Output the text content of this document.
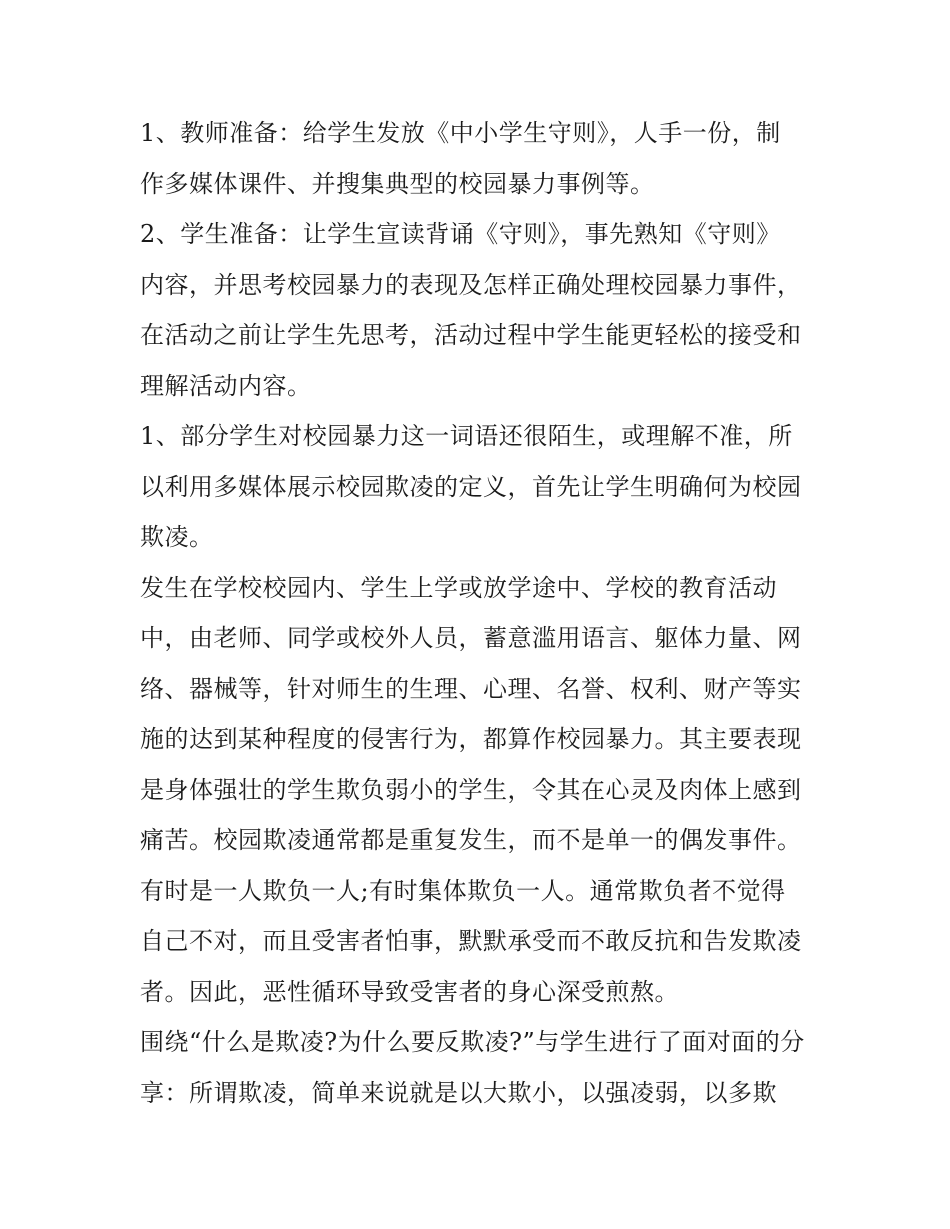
1、教师准备：给学生发放《中小学生守则》，人手一份，制
作多媒体课件、并搜集典型的校园暴力事例等。

2、学生准备：让学生宣读背诵《守则》，事先熟知《守则》
内容，并思考校园暴力的表现及怎样正确处理校园暴力事件，
在活动之前让学生先思考，活动过程中学生能更轻松的接受和
理解活动内容。

1、部分学生对校园暴力这一词语还很陌生，或理解不准，所
以利用多媒体展示校园欺凌的定义，首先让学生明确何为校园
欺凌。

发生在学校校园内、学生上学或放学途中、学校的教育活动
中，由老师、同学或校外人员，蓄意滥用语言、躯体力量、网
络、器械等，针对师生的生理、心理、名誉、权利、财产等实
施的达到某种程度的侵害行为，都算作校园暴力。其主要表现
是身体强壮的学生欺负弱小的学生，令其在心灵及肉体上感到
痛苦。校园欺凌通常都是重复发生，而不是单一的偶发事件。
有时是一人欺负一人;有时集体欺负一人。通常欺负者不觉得
自己不对，而且受害者怕事，默默承受而不敢反抗和告发欺凌
者。因此，恶性循环导致受害者的身心深受煎熬。

围绕“什么是欺凌?为什么要反欺凌?”与学生进行了面对面的分
享：所谓欺凌，简单来说就是以大欺小，以强凌弱，以多欺
